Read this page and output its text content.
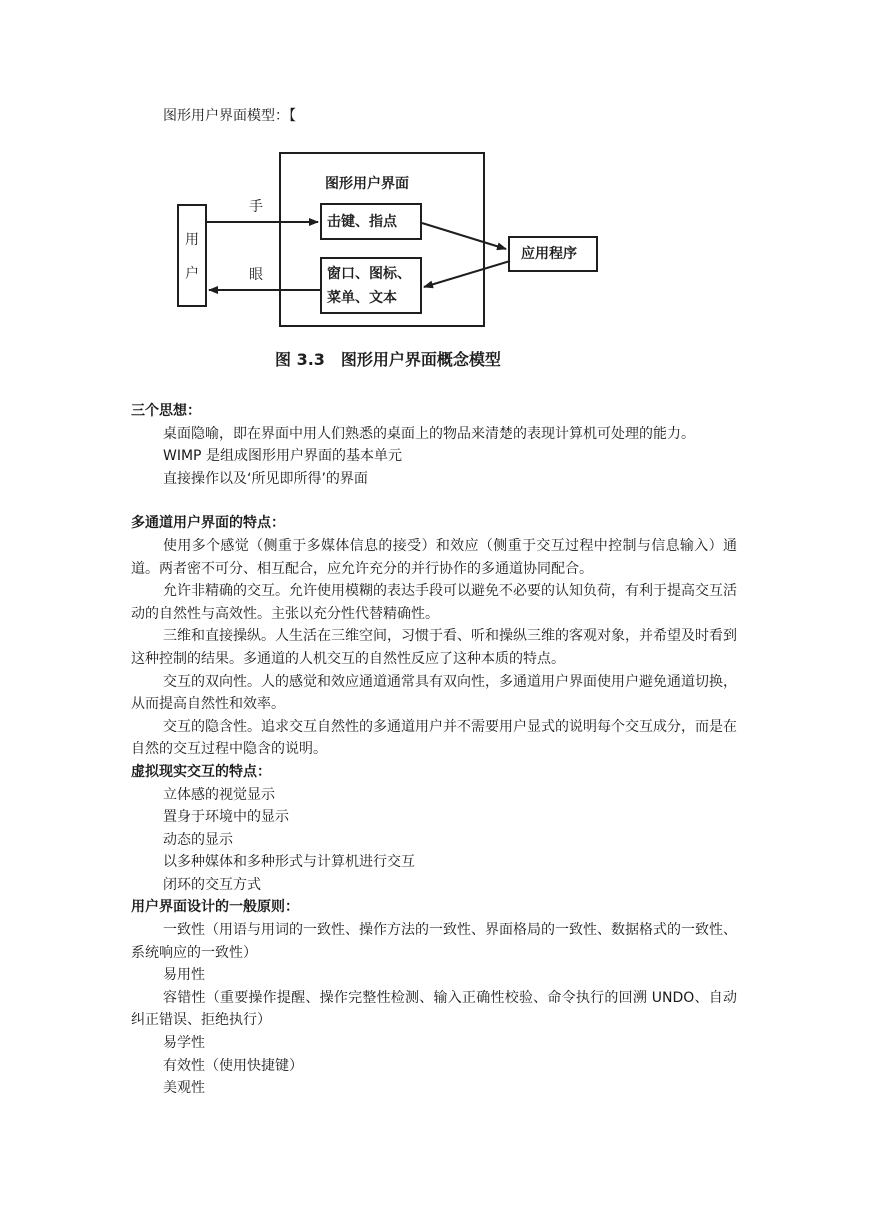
图形用户界面模型：【
图形用户界面
用
户
手
眼
击键、指点
窗口、图标、
菜单、文本
应用程序
图 3.3　图形用户界面概念模型
三个思想：
桌面隐喻，即在界面中用人们熟悉的桌面上的物品来清楚的表现计算机可处理的能力。
WIMP 是组成图形用户界面的基本单元
直接操作以及‘所见即所得’的界面
多通道用户界面的特点：
使用多个感觉（侧重于多媒体信息的接受）和效应（侧重于交互过程中控制与信息输入）通道。两者密不可分、相互配合，应允许充分的并行协作的多通道协同配合。
允许非精确的交互。允许使用模糊的表达手段可以避免不必要的认知负荷，有利于提高交互活动的自然性与高效性。主张以充分性代替精确性。
三维和直接操纵。人生活在三维空间，习惯于看、听和操纵三维的客观对象，并希望及时看到这种控制的结果。多通道的人机交互的自然性反应了这种本质的特点。
交互的双向性。人的感觉和效应通道通常具有双向性，多通道用户界面使用户避免通道切换，从而提高自然性和效率。
交互的隐含性。追求交互自然性的多通道用户并不需要用户显式的说明每个交互成分，而是在自然的交互过程中隐含的说明。
虚拟现实交互的特点：
立体感的视觉显示
置身于环境中的显示
动态的显示
以多种媒体和多种形式与计算机进行交互
闭环的交互方式
用户界面设计的一般原则：
一致性（用语与用词的一致性、操作方法的一致性、界面格局的一致性、数据格式的一致性、系统响应的一致性）
易用性
容错性（重要操作提醒、操作完整性检测、输入正确性校验、命令执行的回溯 UNDO、自动纠正错误、拒绝执行）
易学性
有效性（使用快捷键）
美观性
